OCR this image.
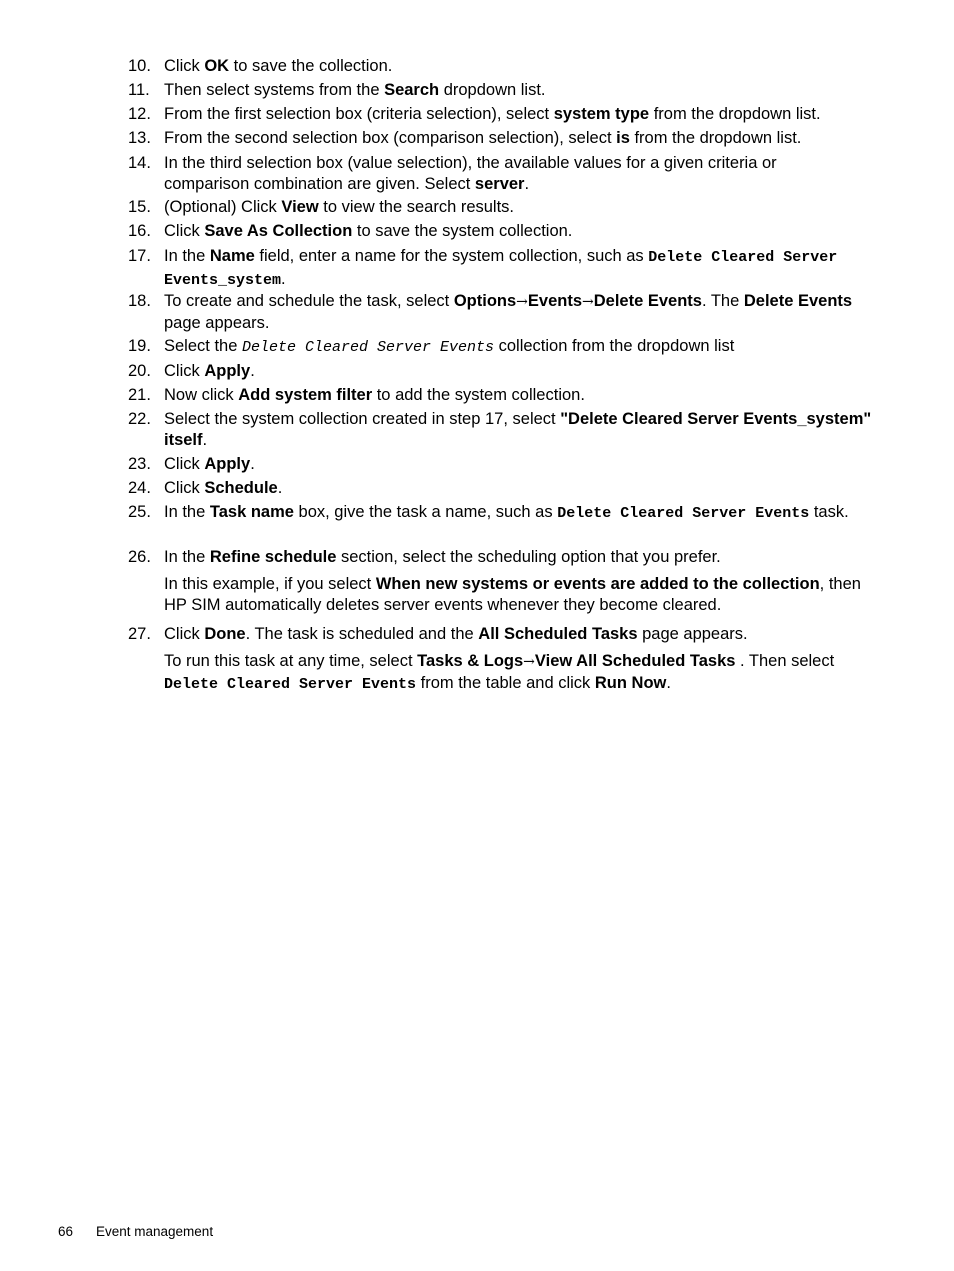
10. Click OK to save the collection.
11. Then select systems from the Search dropdown list.
12. From the first selection box (criteria selection), select system type from the dropdown list.
13. From the second selection box (comparison selection), select is from the dropdown list.
14. In the third selection box (value selection), the available values for a given criteria or comparison combination are given. Select server.
15. (Optional) Click View to view the search results.
16. Click Save As Collection to save the system collection.
17. In the Name field, enter a name for the system collection, such as Delete Cleared Server Events_system.
18. To create and schedule the task, select Options→Events→Delete Events. The Delete Events page appears.
19. Select the Delete Cleared Server Events collection from the dropdown list
20. Click Apply.
21. Now click Add system filter to add the system collection.
22. Select the system collection created in step 17, select "Delete Cleared Server Events_system" itself.
23. Click Apply.
24. Click Schedule.
25. In the Task name box, give the task a name, such as Delete Cleared Server Events task.
26. In the Refine schedule section, select the scheduling option that you prefer.
In this example, if you select When new systems or events are added to the collection, then HP SIM automatically deletes server events whenever they become cleared.
27. Click Done. The task is scheduled and the All Scheduled Tasks page appears.
To run this task at any time, select Tasks & Logs→View All Scheduled Tasks . Then select Delete Cleared Server Events from the table and click Run Now.
66 Event management
